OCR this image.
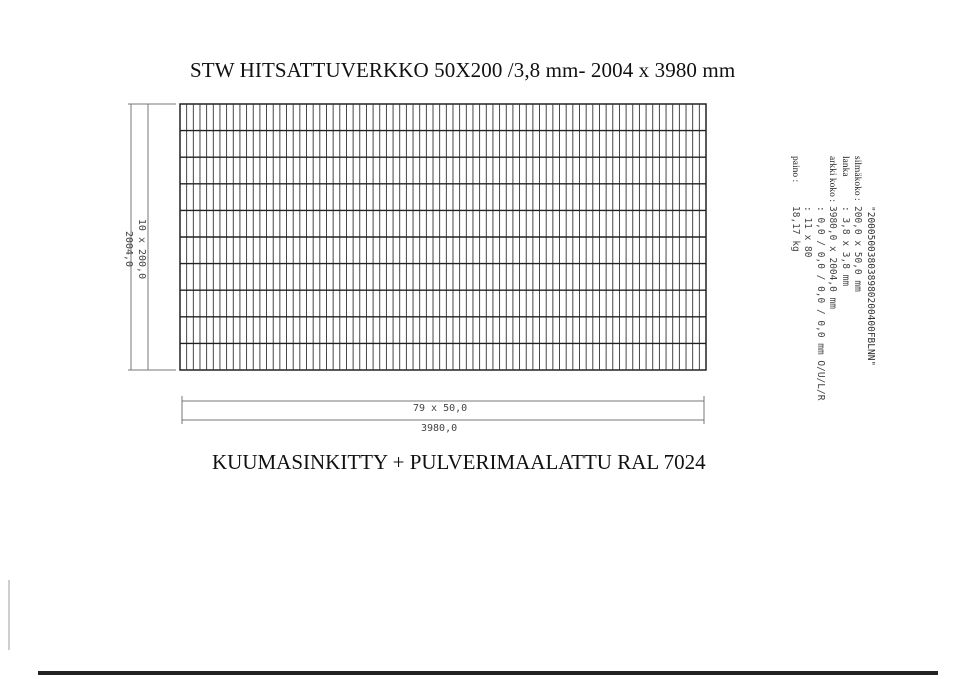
STW HITSATTUVERKKO 50X200 /3,8 mm- 2004 x 3980 mm
79 x 50,0
3980,0
10 x 200,0
2004,0	"200050038038980200400FBLNN"
silmäkoko :
200,0 x 50,0 mm
lanka
: 3,8 x 3,8 mm
arkki koko :
3980,0 x 2004,0 mm
: 0,0 / 0,0 / 0,0 / 0,0 mm O/U/L/R
: 11 x 80
paino :
18,17 kg
KUUMASINKITTY + PULVERIMAALATTU RAL 7024
